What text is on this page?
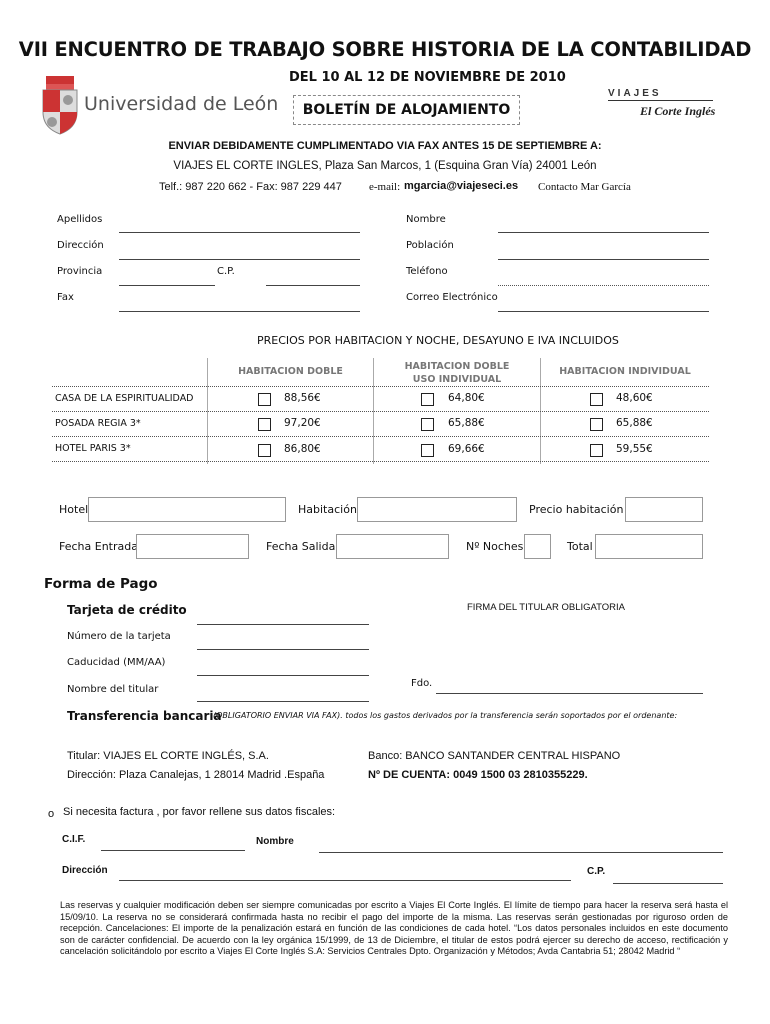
VII ENCUENTRO DE TRABAJO SOBRE HISTORIA DE LA CONTABILIDAD
DEL 10 AL 12 DE NOVIEMBRE DE 2010
Universidad de León	BOLETÍN DE ALOJAMIENTO
VIAJES
El Corte Inglés
ENVIAR DEBIDAMENTE CUMPLIMENTADO VIA FAX ANTES 15 DE SEPTIEMBRE A:
VIAJES EL CORTE INGLES, Plaza San Marcos, 1 (Esquina Gran Vía) 24001 León
Telf.: 987 220 662 - Fax: 987 229 447 e-mail: mgarcia@viajeseci.es Contacto Mar García
Apellidos	Nombre
Dirección	Población
Provincia	C.P.	Teléfono
Fax	Correo Electrónico
PRECIOS POR HABITACION Y NOCHE, DESAYUNO E IVA INCLUIDOS
HABITACION DOBLE	HABITACION DOBLE
USO INDIVIDUAL
HABITACION INDIVIDUAL
CASA DE LA ESPIRITUALIDAD	88,56€	64,80€	48,60€
POSADA REGIA 3*	97,20€	65,88€	65,88€
HOTEL PARIS 3*	86,80€	69,66€	59,55€
Hotel	Habitación	Precio habitación
Fecha Entrada	Fecha Salida	Nº Noches	Total
Forma de Pago
Tarjeta de crédito	FIRMA DEL TITULAR OBLIGATORIA
Número de la tarjeta
Caducidad (MM/AA)
Fdo.
Nombre del titular
Transferencia bancaria
(OBLIGATORIO ENVIAR VIA FAX). todos los gastos derivados por la transferencia serán soportados por el ordenante:
Titular: VIAJES EL CORTE INGLÉS, S.A.	Banco: BANCO SANTANDER CENTRAL HISPANO
Dirección: Plaza Canalejas, 1 28014 Madrid .España	Nº DE CUENTA: 0049 1500 03 2810355229.
o Si necesita factura , por favor rellene sus datos fiscales:
C.I.F.	Nombre
Dirección	C.P.
Las reservas y cualquier modificación deben ser siempre comunicadas por escrito a Viajes El Corte Inglés. El límite de tiempo para hacer la reserva será hasta el 15/09/10. La reserva no se considerará confirmada hasta no recibir el pago del importe de la misma. Las reservas serán gestionadas por riguroso orden de recepción. Cancelaciones: El importe de la penalización estará en función de las condiciones de cada hotel. “Los datos personales incluidos en este documento son de carácter confidencial. De acuerdo con la ley orgánica 15/1999, de 13 de Diciembre, el titular de estos podrá ejercer su derecho de acceso, rectificación y cancelación solicitándolo por escrito a Viajes El Corte Inglés S.A: Servicios Centrales Dpto. Organización y Métodos; Avda Cantabria 51; 28042 Madrid “
